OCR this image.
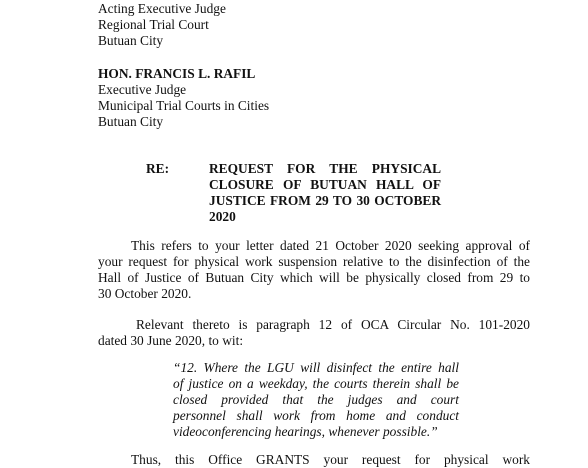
Acting Executive Judge
Regional Trial Court
Butuan City
HON. FRANCIS L. RAFIL
Executive Judge
Municipal Trial Courts in Cities
Butuan City
RE:	REQUEST FOR THE PHYSICAL
CLOSURE OF BUTUAN HALL OF
JUSTICE FROM 29 TO 30 OCTOBER
2020
This refers to your letter dated 21 October 2020 seeking approval of
your request for physical work suspension relative to the disinfection of the
Hall of Justice of Butuan City which will be physically closed from 29 to
30 October 2020.
Relevant thereto is paragraph 12 of OCA Circular No. 101-2020
dated 30 June 2020, to wit:
“12. Where the LGU will disinfect the entire hall
of justice on a weekday, the courts therein shall be
closed provided that the judges and court
personnel shall work from home and conduct
videoconferencing hearings, whenever possible.”
Thus, this Office GRANTS your request for physical work
